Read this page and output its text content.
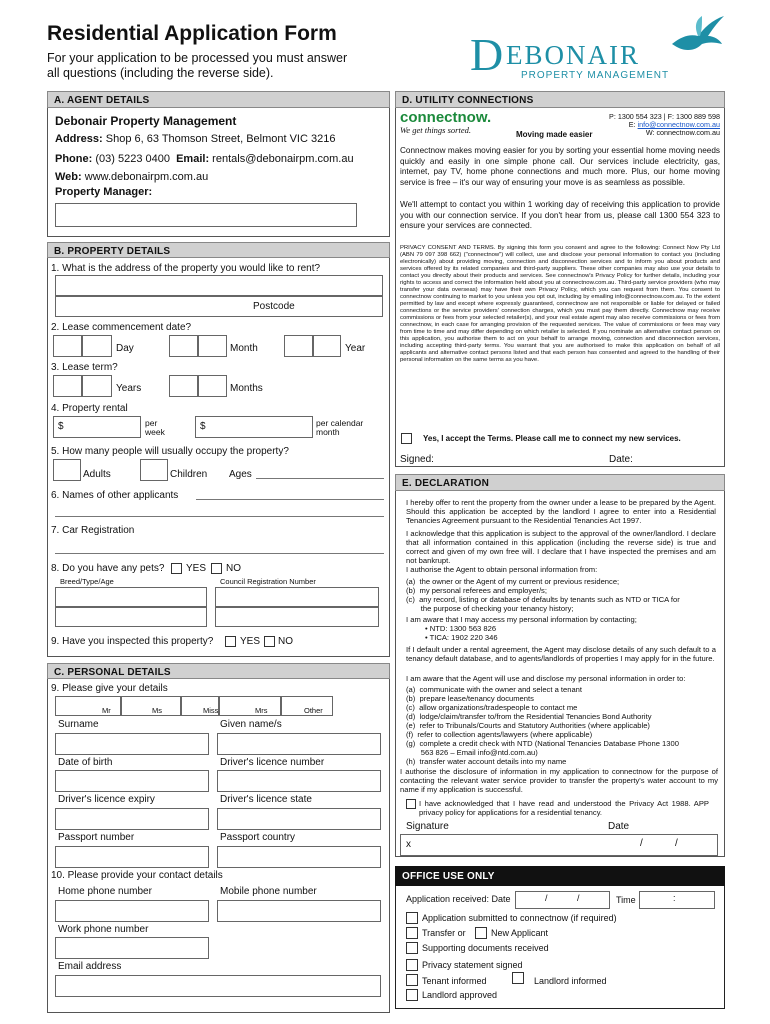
Residential Application Form
For your application to be processed you must answer
all questions (including the reverse side).	D EBONAIR
PROPERTY MANAGEMENT
A. AGENT DETAILS
Debonair Property Management
Address: Shop 6, 63 Thomson Street, Belmont VIC 3216
Phone: (03) 5223 0400 Email: rentals@debonairpm.com.au
Web: www.debonairpm.com.au
Property Manager:
B. PROPERTY DETAILS
1. What is the address of the property you would like to rent?
Postcode
2. Lease commencement date?
Day	Month	Year
3. Lease term?
Years	Months
4. Property rental
$	per
week	$	per calendar
month
5. How many people will usually occupy the property?
Adults	Children Ages
6. Names of other applicants
7. Car Registration
8. Do you have any pets? YES NO
Breed/Type/Age	Council Registration Number
9. Have you inspected this property?	YES NO
C. PERSONAL DETAILS
9. Please give your details
Mr	Ms	Miss	Mrs	Other
Surname	Given name/s
Date of birth	Driver's licence number
Driver's licence expiry	Driver's licence state
Passport number	Passport country
10. Please provide your contact details
Home phone number	Mobile phone number
Work phone number
Email address
D. UTILITY CONNECTIONS
connectnow.
We get things sorted.	Moving made easier
P: 1300 554 323 | F: 1300 889 598
E: info@connectnow.com.au
W: connectnow.com.au
Connectnow makes moving easier for you by sorting your essential home moving needs quickly and easily in one simple phone call. Our services include electricity, gas, internet, pay TV, home phone connections and much more. Plus, our home moving service is free – it's our way of ensuring your move is as seamless as possible.
We'll attempt to contact you within 1 working day of receiving this application to provide you with our connection service. If you don't hear from us, please call 1300 554 323 to ensure your services are connected.
PRIVACY CONSENT AND TERMS. By signing this form you consent and agree to the following: Connect Now Pty Ltd (ABN 79 097 398 662) ("connectnow") will collect, use and disclose your personal information to contact you (including electronically) about providing moving, connection and disconnection services and to inform you about products and services offered by its related companies and third-party suppliers. These other companies may also use your details to contact you directly about their products and services. See connectnow's Privacy Policy for further details, including your rights to access and correct the information held about you at connectnow.com.au. Third-party service providers (who may transfer your data overseas) may have their own Privacy Policy, which you can request from them. You consent to connectnow continuing to market to you unless you opt out, including by emailing info@connectnow.com.au. To the extent permitted by law and except where expressly guaranteed, connectnow are not responsible or liable for delayed or failed connections or the service providers' connection charges, which you must pay them directly. Connectnow may receive commissions or fees from your selected retailer(s), and your real estate agent may also receive commissions or fees from connectnow, in each case for arranging provision of the requested services. The value of commissions or fees may vary from time to time and may differ depending on which retailer is selected. If you nominate an alternative contact person on this application, you authorise them to act on your behalf to arrange moving, connection and disconnection services, including accepting third-party terms. You warrant that you are authorised to make this application on behalf of all applicants and alternative contact persons listed and that each person has consented and agreed to the handling of their personal information on the same terms as you have.
Yes, I accept the Terms. Please call me to connect my new services.
Signed:	Date:
E. DECLARATION
I hereby offer to rent the property from the owner under a lease to be prepared by the Agent. Should this application be accepted by the landlord I agree to enter into a Residential Tenancies Agreement pursuant to the Residential Tenancies Act 1997.
I acknowledge that this application is subject to the approval of the owner/landlord. I declare that all information contained in this application (including the reverse side) is true and correct and given of my own free will. I declare that I have inspected the premises and am not bankrupt.
I authorise the Agent to obtain personal information from:
(a)  the owner or the Agent of my current or previous residence;
(b)  my personal referees and employer/s;
(c)  any record, listing or database of defaults by tenants such as NTD or TICA for
the purpose of checking your tenancy history;
I am aware that I may access my personal information by contacting;
• NTD: 1300 563 826
• TICA: 1902 220 346
If I default under a rental agreement, the Agent may disclose details of any such default to a tenancy default database, and to agents/landlords of properties I may apply for in the future.
I am aware that the Agent will use and disclose my personal information in order to:
(a)  communicate with the owner and select a tenant
(b)  prepare lease/tenancy documents
(c)  allow organizations/tradespeople to contact me
(d)  lodge/claim/transfer to/from the Residential Tenancies Bond Authority
(e)  refer to Tribunals/Courts and Statutory Authorities (where applicable)
(f)  refer to collection agents/lawyers (where applicable)
(g)  complete a credit check with NTD (National Tenancies Database Phone 1300
563 826 – Email info@ntd.com.au)
(h)  transfer water account details into my name
I authorise the disclosure of information in my application to connectnow for the purpose of contacting the relevant water service provider to transfer the property's water account to my name if my application is successful.
I have acknowledged that I have read and understood the Privacy Act 1988. APP privacy policy for applications for a residential tenancy.
Signature	Date
x	/	/
OFFICE USE ONLY
Application received: Date	/	/	Time	:
Application submitted to connectnow (if required)
Transfer or	New Applicant
Supporting documents received
Privacy statement signed
Tenant informed	Landlord informed
Landlord approved
